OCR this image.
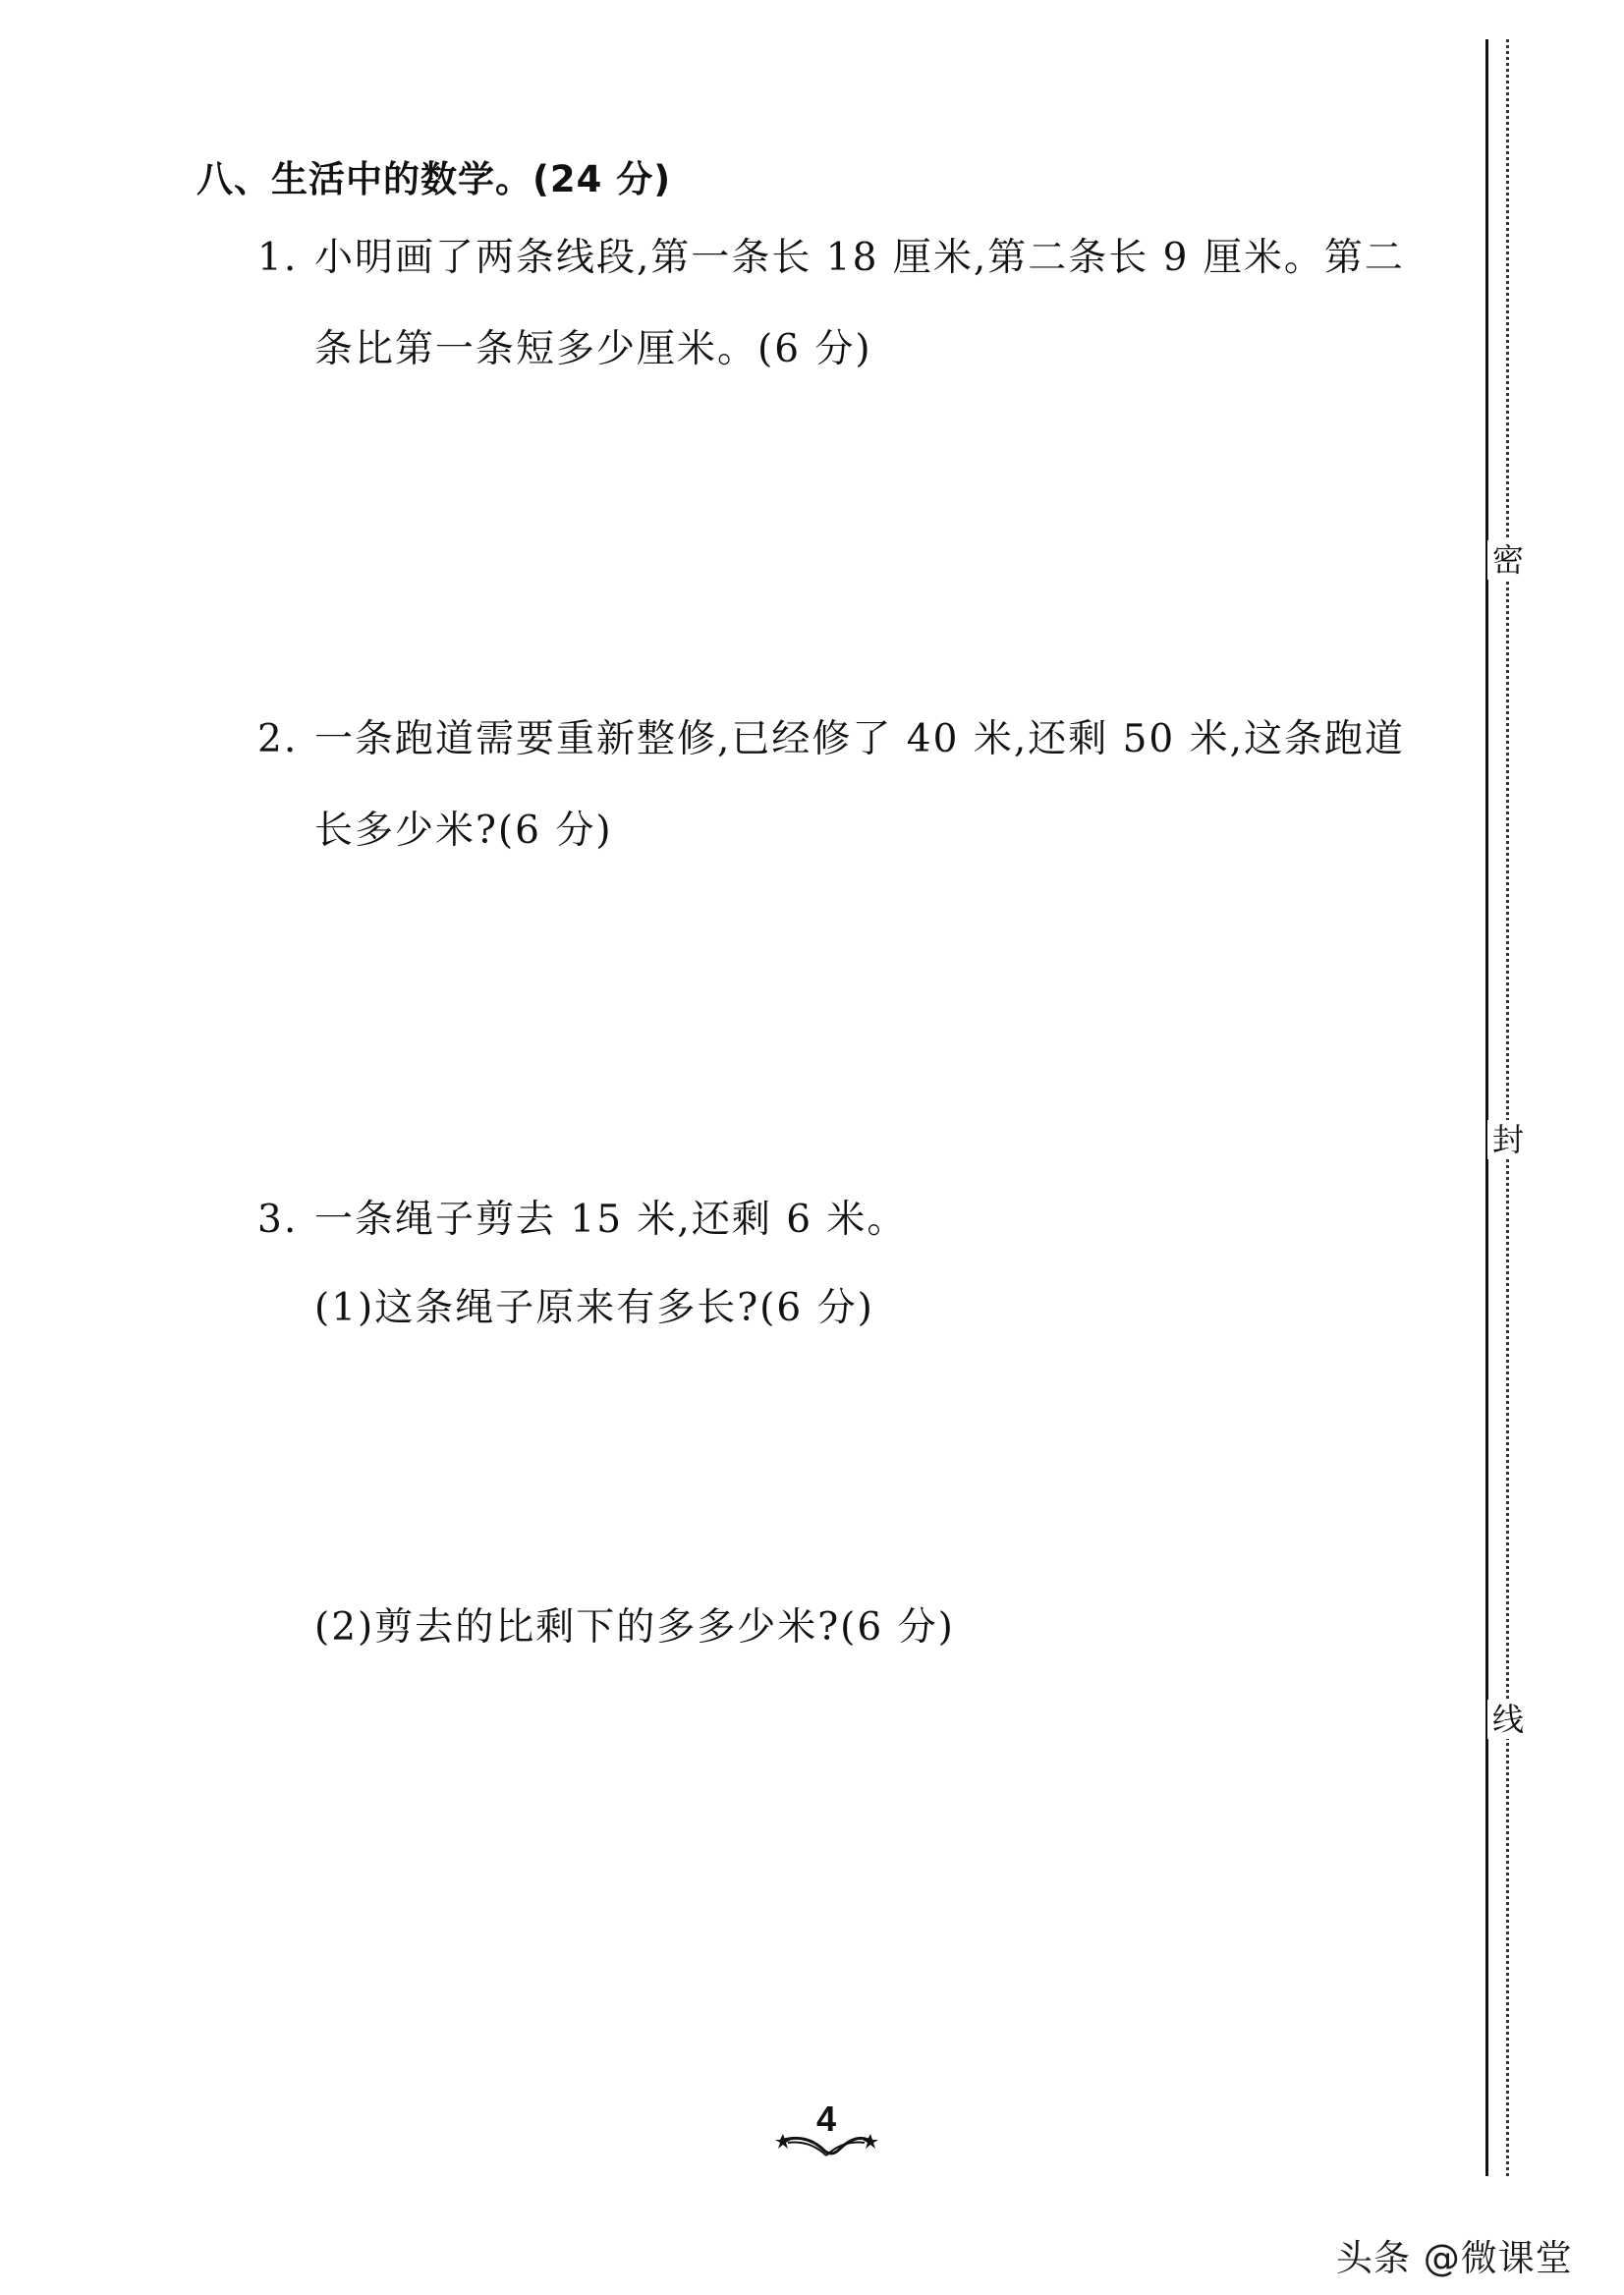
八、生活中的数学。(24 分)
1. 小明画了两条线段,第一条长 18 厘米,第二条长 9 厘米。第二
条比第一条短多少厘米。(6 分)
2. 一条跑道需要重新整修,已经修了 40 米,还剩 50 米,这条跑道
长多少米?(6 分)
3. 一条绳子剪去 15 米,还剩 6 米。
(1)这条绳子原来有多长?(6 分)
(2)剪去的比剩下的多多少米?(6 分)
密
封
线
4
头条 @微课堂
